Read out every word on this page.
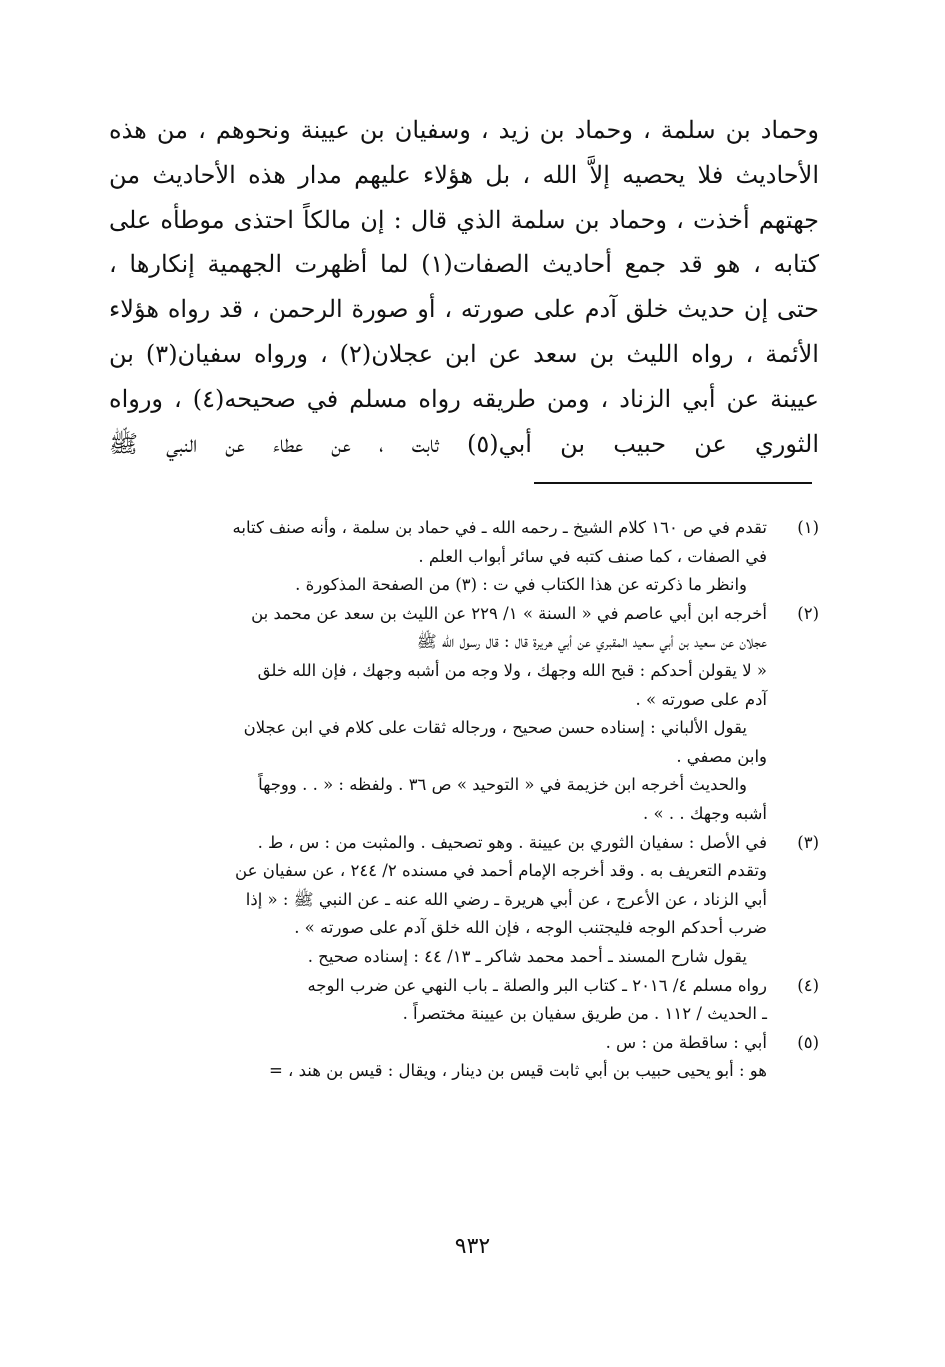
وحماد بن سلمة ، وحماد بن زيد ، وسفيان بن عيينة ونحوهم ، من هذه
الأحاديث فلا يحصيه إلاَّ الله ، بل هؤلاء عليهم مدار هذه الأحاديث من
جهتهم أخذت ، وحماد بن سلمة الذي قال : إن مالكاً احتذى موطأه على
كتابه ، هو قد جمع أحاديث الصفات(١) لما أظهرت الجهمية إنكارها ،
حتى إن حديث خلق آدم على صورته ، أو صورة الرحمن ، قد رواه هؤلاء
الأئمة ، رواه الليث بن سعد عن ابن عجلان(٢) ، ورواه سفيان(٣) بن
عيينة عن أبي الزناد ، ومن طريقه رواه مسلم في صحيحه(٤) ، ورواه
الثوري عن حبيب بن أبي(٥) ثابت ، عن عطاء عن النبي ﷺ
(١)
تقدم في ص ١٦٠ كلام الشيخ ـ رحمه الله ـ في حماد بن سلمة ، وأنه صنف كتابه
في الصفات ، كما صنف كتبه في سائر أبواب العلم .
وانظر ما ذكرته عن هذا الكتاب في ت : (٣) من الصفحة المذكورة .
(٢)
أخرجه ابن أبي عاصم في « السنة » ١/ ٢٢٩ عن الليث بن سعد عن محمد بن
عجلان عن سعيد بن أبي سعيد المقبري عن أبي هريرة قال : قال رسول الله ﷺ
« لا يقولن أحدكم : قبح الله وجهك ، ولا وجه من أشبه وجهك ، فإن الله خلق
آدم على صورته » .
يقول الألباني : إسناده حسن صحيح ، ورجاله ثقات على كلام في ابن عجلان
وابن مصفي .
والحديث أخرجه ابن خزيمة في « التوحيد » ص ٣٦ . ولفظه : « . . ووجهاً
أشبه وجهك . . » .
(٣)
في الأصل : سفيان الثوري بن عيينة . وهو تصحيف . والمثبت من : س ، ط .
وتقدم التعريف به . وقد أخرجه الإمام أحمد في مسنده ٢/ ٢٤٤ ، عن سفيان عن
أبي الزناد ، عن الأعرج ، عن أبي هريرة ـ رضي الله عنه ـ عن النبي ﷺ : « إذا
ضرب أحدكم الوجه فليجتنب الوجه ، فإن الله خلق آدم على صورته » .
يقول شارح المسند ـ أحمد محمد شاكر ـ ١٣/ ٤٤ : إسناده صحيح .
(٤)
رواه مسلم ٤/ ٢٠١٦ ـ كتاب البر والصلة ـ باب النهي عن ضرب الوجه
ـ الحديث / ١١٢ . من طريق سفيان بن عيينة مختصراً .
(٥)
أبي : ساقطة من : س .
هو : أبو يحيى حبيب بن أبي ثابت قيس بن دينار ، ويقال : قيس بن هند ، =
٩٣٢
